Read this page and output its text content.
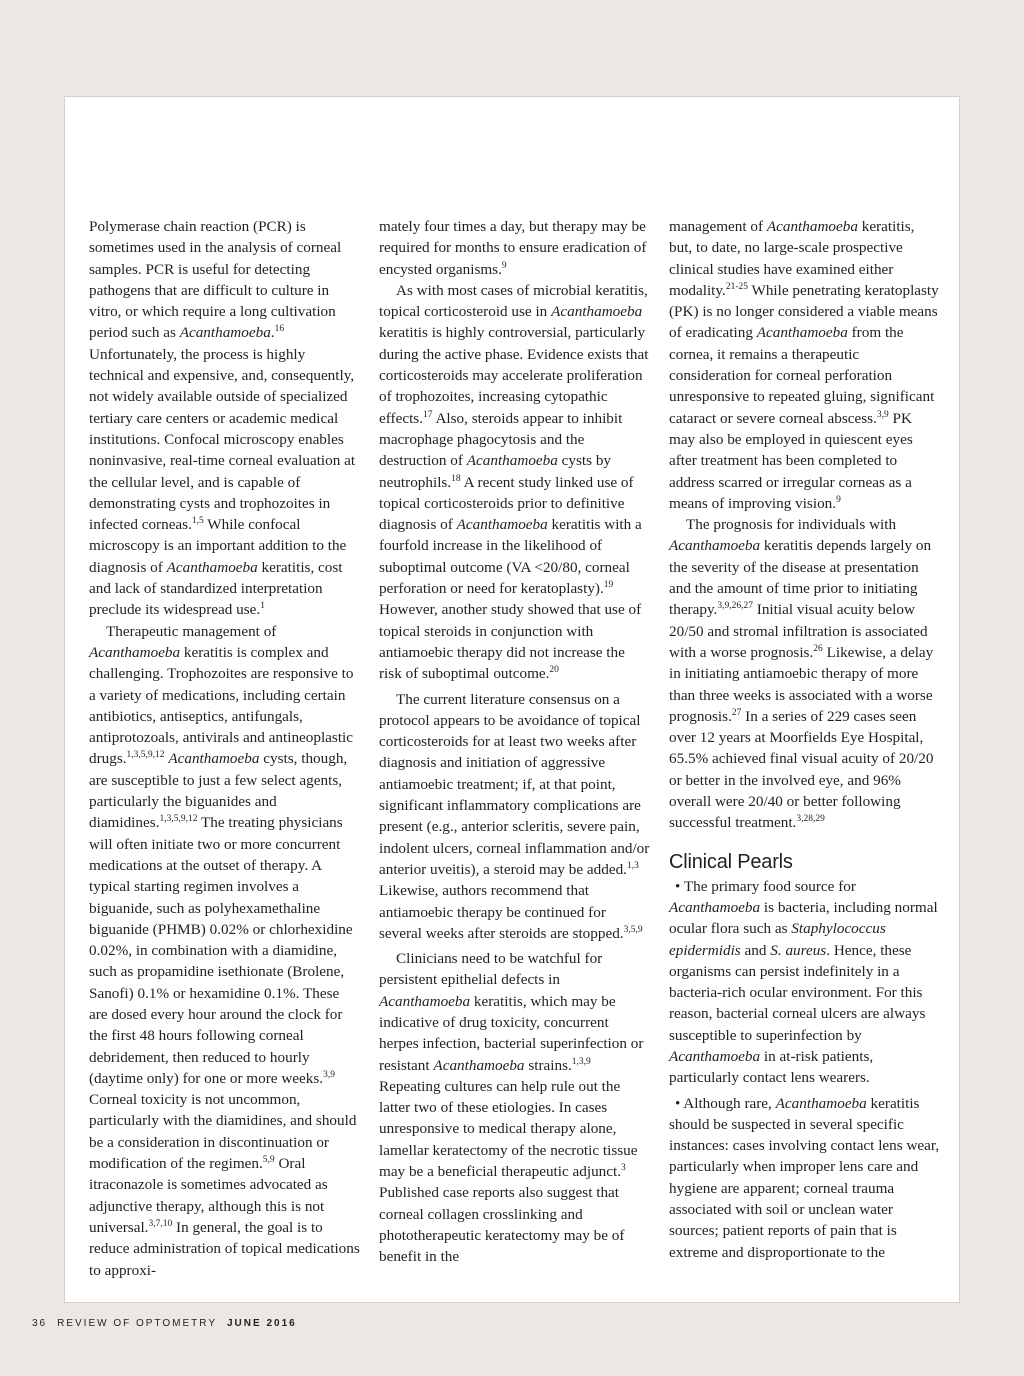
Polymerase chain reaction (PCR) is sometimes used in the analysis of corneal samples. PCR is useful for detecting pathogens that are difficult to culture in vitro, or which require a long cultivation period such as Acanthamoeba.$^{16}$ Unfortunately, the process is highly technical and expensive, and, consequently, not widely available outside of specialized tertiary care centers or academic medical institutions. Confocal microscopy enables noninvasive, real-time corneal evaluation at the cellular level, and is capable of demonstrating cysts and trophozoites in infected corneas.$^{1,5}$ While confocal microscopy is an important addition to the diagnosis of Acanthamoeba keratitis, cost and lack of standardized interpretation preclude its widespread use.$^1$

Therapeutic management of Acanthamoeba keratitis is complex and challenging. Trophozoites are responsive to a variety of medications, including certain antibiotics, antiseptics, antifungals, antiprotozoals, antivirals and antineoplastic drugs.$^{1,3,5,9,12}$ Acanthamoeba cysts, though, are susceptible to just a few select agents, particularly the biguanides and diamidines.$^{1,3,5,9,12}$ The treating physicians will often initiate two or more concurrent medications at the outset of therapy. A typical starting regimen involves a biguanide, such as polyhexamethaline biguanide (PHMB) 0.02% or chlorhexidine 0.02%, in combination with a diamidine, such as propamidine isethionate (Brolene, Sanofi) 0.1% or hexamidine 0.1%. These are dosed every hour around the clock for the first 48 hours following corneal debridement, then reduced to hourly (daytime only) for one or more weeks.$^{3,9}$ Corneal toxicity is not uncommon, particularly with the diamidines, and should be a consideration in discontinuation or modification of the regimen.$^{5,9}$ Oral itraconazole is sometimes advocated as adjunctive therapy, although this is not universal.$^{3,7,10}$ In general, the goal is to reduce administration of topical medications to approxi-

mately four times a day, but therapy may be required for months to ensure eradication of encysted organisms.$^9$

As with most cases of microbial keratitis, topical corticosteroid use in Acanthamoeba keratitis is highly controversial, particularly during the active phase. Evidence exists that corticosteroids may accelerate proliferation of trophozoites, increasing cytopathic effects.$^{17}$ Also, steroids appear to inhibit macrophage phagocytosis and the destruction of Acanthamoeba cysts by neutrophils.$^{18}$ A recent study linked use of topical corticosteroids prior to definitive diagnosis of Acanthamoeba keratitis with a fourfold increase in the likelihood of suboptimal outcome (VA <20/80, corneal perforation or need for keratoplasty).$^{19}$ However, another study showed that use of topical steroids in conjunction with antiamoebic therapy did not increase the risk of suboptimal outcome.$^{20}$

The current literature consensus on a protocol appears to be avoidance of topical corticosteroids for at least two weeks after diagnosis and initiation of aggressive antiamoebic treatment; if, at that point, significant inflammatory complications are present (e.g., anterior scleritis, severe pain, indolent ulcers, corneal inflammation and/or anterior uveitis), a steroid may be added.$^{1,3}$ Likewise, authors recommend that antiamoebic therapy be continued for several weeks after steroids are stopped.$^{3,5,9}$

Clinicians need to be watchful for persistent epithelial defects in Acanthamoeba keratitis, which may be indicative of drug toxicity, concurrent herpes infection, bacterial superinfection or resistant Acanthamoeba strains.$^{1,3,9}$ Repeating cultures can help rule out the latter two of these etiologies. In cases unresponsive to medical therapy alone, lamellar keratectomy of the necrotic tissue may be a beneficial therapeutic adjunct.$^3$ Published case reports also suggest that corneal collagen crosslinking and phototherapeutic keratectomy may be of benefit in the

management of Acanthamoeba keratitis, but, to date, no large-scale prospective clinical studies have examined either modality.$^{21-25}$ While penetrating keratoplasty (PK) is no longer considered a viable means of eradicating Acanthamoeba from the cornea, it remains a therapeutic consideration for corneal perforation unresponsive to repeated gluing, significant cataract or severe corneal abscess.$^{3,9}$ PK may also be employed in quiescent eyes after treatment has been completed to address scarred or irregular corneas as a means of improving vision.$^9$

The prognosis for individuals with Acanthamoeba keratitis depends largely on the severity of the disease at presentation and the amount of time prior to initiating therapy.$^{3,9,26,27}$ Initial visual acuity below 20/50 and stromal infiltration is associated with a worse prognosis.$^{26}$ Likewise, a delay in initiating antiamoebic therapy of more than three weeks is associated with a worse prognosis.$^{27}$ In a series of 229 cases seen over 12 years at Moorfields Eye Hospital, 65.5% achieved final visual acuity of 20/20 or better in the involved eye, and 96% overall were 20/40 or better following successful treatment.$^{3,28,29}$

Clinical Pearls

• The primary food source for Acanthamoeba is bacteria, including normal ocular flora such as Staphylococcus epidermidis and S. aureus. Hence, these organisms can persist indefinitely in a bacteria-rich ocular environment. For this reason, bacterial corneal ulcers are always susceptible to superinfection by Acanthamoeba in at-risk patients, particularly contact lens wearers.

• Although rare, Acanthamoeba keratitis should be suspected in several specific instances: cases involving contact lens wear, particularly when improper lens care and hygiene are apparent; corneal trauma associated with soil or unclean water sources; patient reports of pain that is extreme and disproportionate to the

36 REVIEW OF OPTOMETRY JUNE 2016
